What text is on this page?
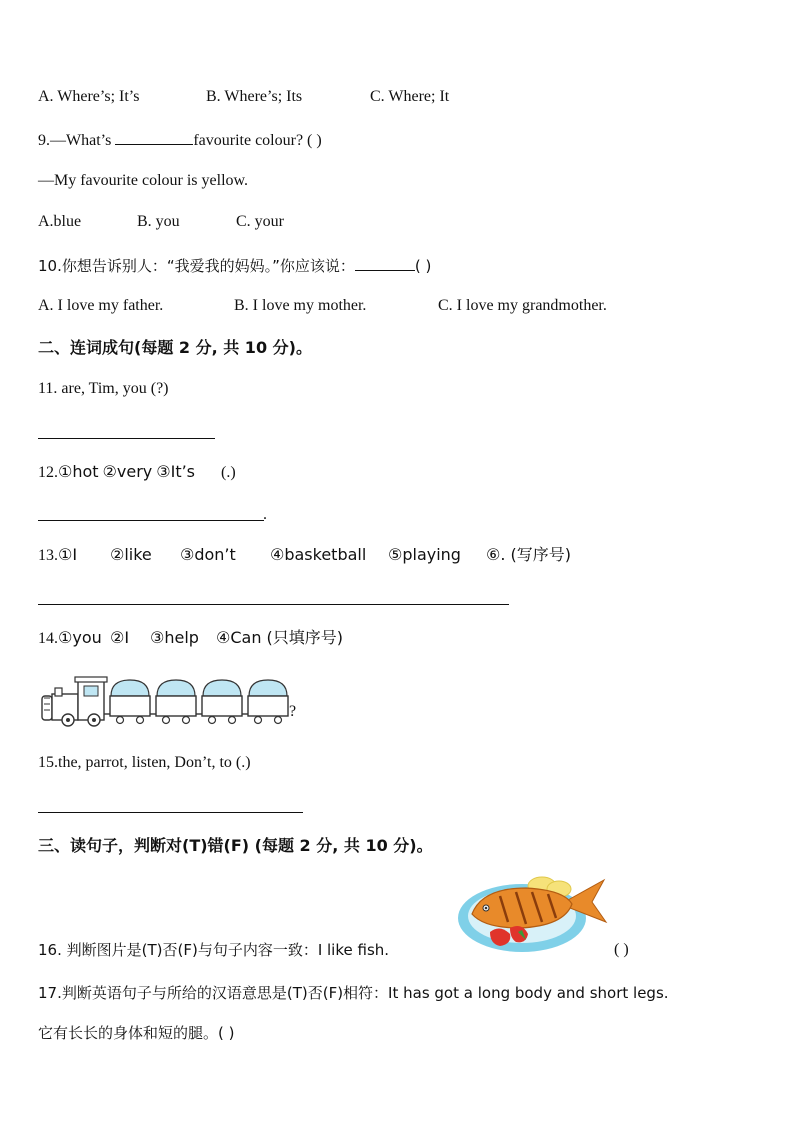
A. Where’s; It’s	B. Where’s; Its	C. Where; It
9.—What’s	favourite colour? ( )
—My favourite colour is yellow.
A.blue	B. you	C. your
10.你想告诉别人：“我爱我的妈妈。”你应该说：	( )
A. I love my father.	B. I love my mother.	C. I love my grandmother.
二、连词成句(每题 2 分, 共 10 分)。
11. are, Tim, you (?)
12.①hot ②very ③It’s (.)
.
13.①I ②like ③don’t ④basketball ⑤playing ⑥. (写序号)
14.①you ②I ③help ④Can (只填序号)
?
15.the, parrot, listen, Don’t, to (.)
三、读句子，判断对(T)错(F) (每题 2 分, 共 10 分)。
16. 判断图片是(T)否(F)与句子内容一致：I like fish.	( )
17.判断英语句子与所给的汉语意思是(T)否(F)相符：It has got a long body and short legs.
它有长长的身体和短的腿。( )
